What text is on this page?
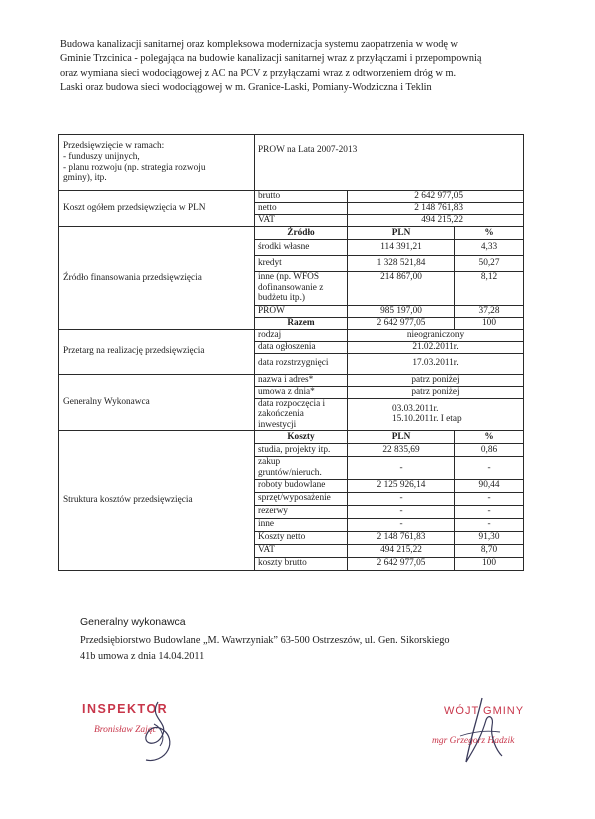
Budowa kanalizacji sanitarnej oraz kompleksowa modernizacja systemu zaopatrzenia w wodę w
Gminie Trzcinica - polegająca na budowie kanalizacji sanitarnej wraz z przyłączami i przepompownią
oraz wymiana sieci wodociągowej z AC na PCV z przyłączami wraz z odtworzeniem dróg w m.
Laski oraz budowa sieci wodociągowej w m. Granice-Laski, Pomiany-Wodziczna i Teklin
Przedsięwzięcie w ramach:
- funduszy unijnych,
- planu rozwoju (np. strategia rozwoju
gminy), itp.	PROW na Lata 2007-2013		
Koszt ogółem przedsięwzięcia w PLN	brutto	2 642 977,05	
	netto	2 148 761,83	
	VAT	494 215,22	
Źródło finansowania przedsięwzięcia	Źródło	PLN	%
	środki własne	114 391,21	4,33
	kredyt	1 328 521,84	50,27

	inne (np. WFOŚ
dofinansowanie z
budżetu itp.)	214 867,00	8,12
	PROW	985 197,00	37,28
	Razem	2 642 977,05	100
Przetarg na realizację przedsięwzięcia	rodzaj	nieograniczony	
	data ogłoszenia	21.02.2011r.	
	data rozstrzygnięci	17.03.2011r.	
Generalny Wykonawca	nazwa i adres*	patrz poniżej	
	umowa z dnia*	patrz poniżej	

	data rozpoczęcia i
zakończenia inwestycji	03.03.2011r.
15.10.2011r. I etap	

Struktura kosztów przedsięwzięcia	Koszty	PLN	%
	studia, projekty itp.	22 835,69	0,86
	zakup gruntów/nieruch.	-	-
	roboty budowlane	2 125 926,14	90,44
	sprzęt/wyposażenie	-	-
	rezerwy	-	-
	inne	-	-
	Koszty netto	2 148 761,83	91,30
	VAT	494 215,22	8,70
	koszty brutto	2 642 977,05	100
Generalny wykonawca
Przedsiębiorstwo Budowlane „M. Wawrzyniak” 63-500 Ostrzeszów, ul. Gen. Sikorskiego
41b umowa z dnia 14.04.2011
INSPEKTOR
Bronisław Zając
WÓJT GMINY
mgr Grzegorz Hadzik
